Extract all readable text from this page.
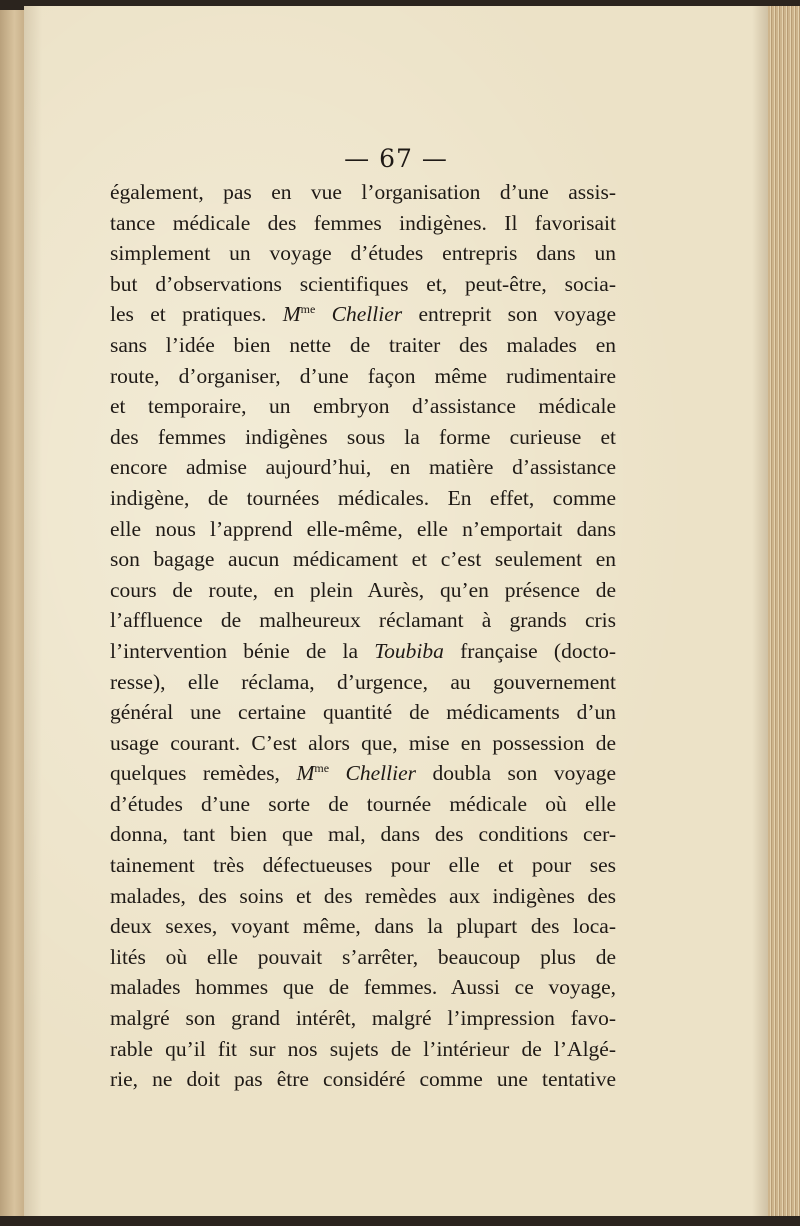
— 67 —
également, pas en vue l’organisation d’une assis-
tance médicale des femmes indigènes. Il favorisait
simplement un voyage d’études entrepris dans un
but d’observations scientifiques et, peut-être, socia-
les et pratiques. $M^{me}$ Chellier entreprit son voyage
sans l’idée bien nette de traiter des malades en
route, d’organiser, d’une façon même rudimentaire
et temporaire, un embryon d’assistance médicale
des femmes indigènes sous la forme curieuse et
encore admise aujourd’hui, en matière d’assistance
indigène, de tournées médicales. En effet, comme
elle nous l’apprend elle-même, elle n’emportait dans
son bagage aucun médicament et c’est seulement en
cours de route, en plein Aurès, qu’en présence de
l’affluence de malheureux réclamant à grands cris
l’intervention bénie de la Toubiba française (docto-
resse), elle réclama, d’urgence, au gouvernement
général une certaine quantité de médicaments d’un
usage courant. C’est alors que, mise en possession de
quelques remèdes, $M^{me}$ Chellier doubla son voyage
d’études d’une sorte de tournée médicale où elle
donna, tant bien que mal, dans des conditions cer-
tainement très défectueuses pour elle et pour ses
malades, des soins et des remèdes aux indigènes des
deux sexes, voyant même, dans la plupart des loca-
lités où elle pouvait s’arrêter, beaucoup plus de
malades hommes que de femmes. Aussi ce voyage,
malgré son grand intérêt, malgré l’impression favo-
rable qu’il fit sur nos sujets de l’intérieur de l’Algé-
rie, ne doit pas être considéré comme une tentative
